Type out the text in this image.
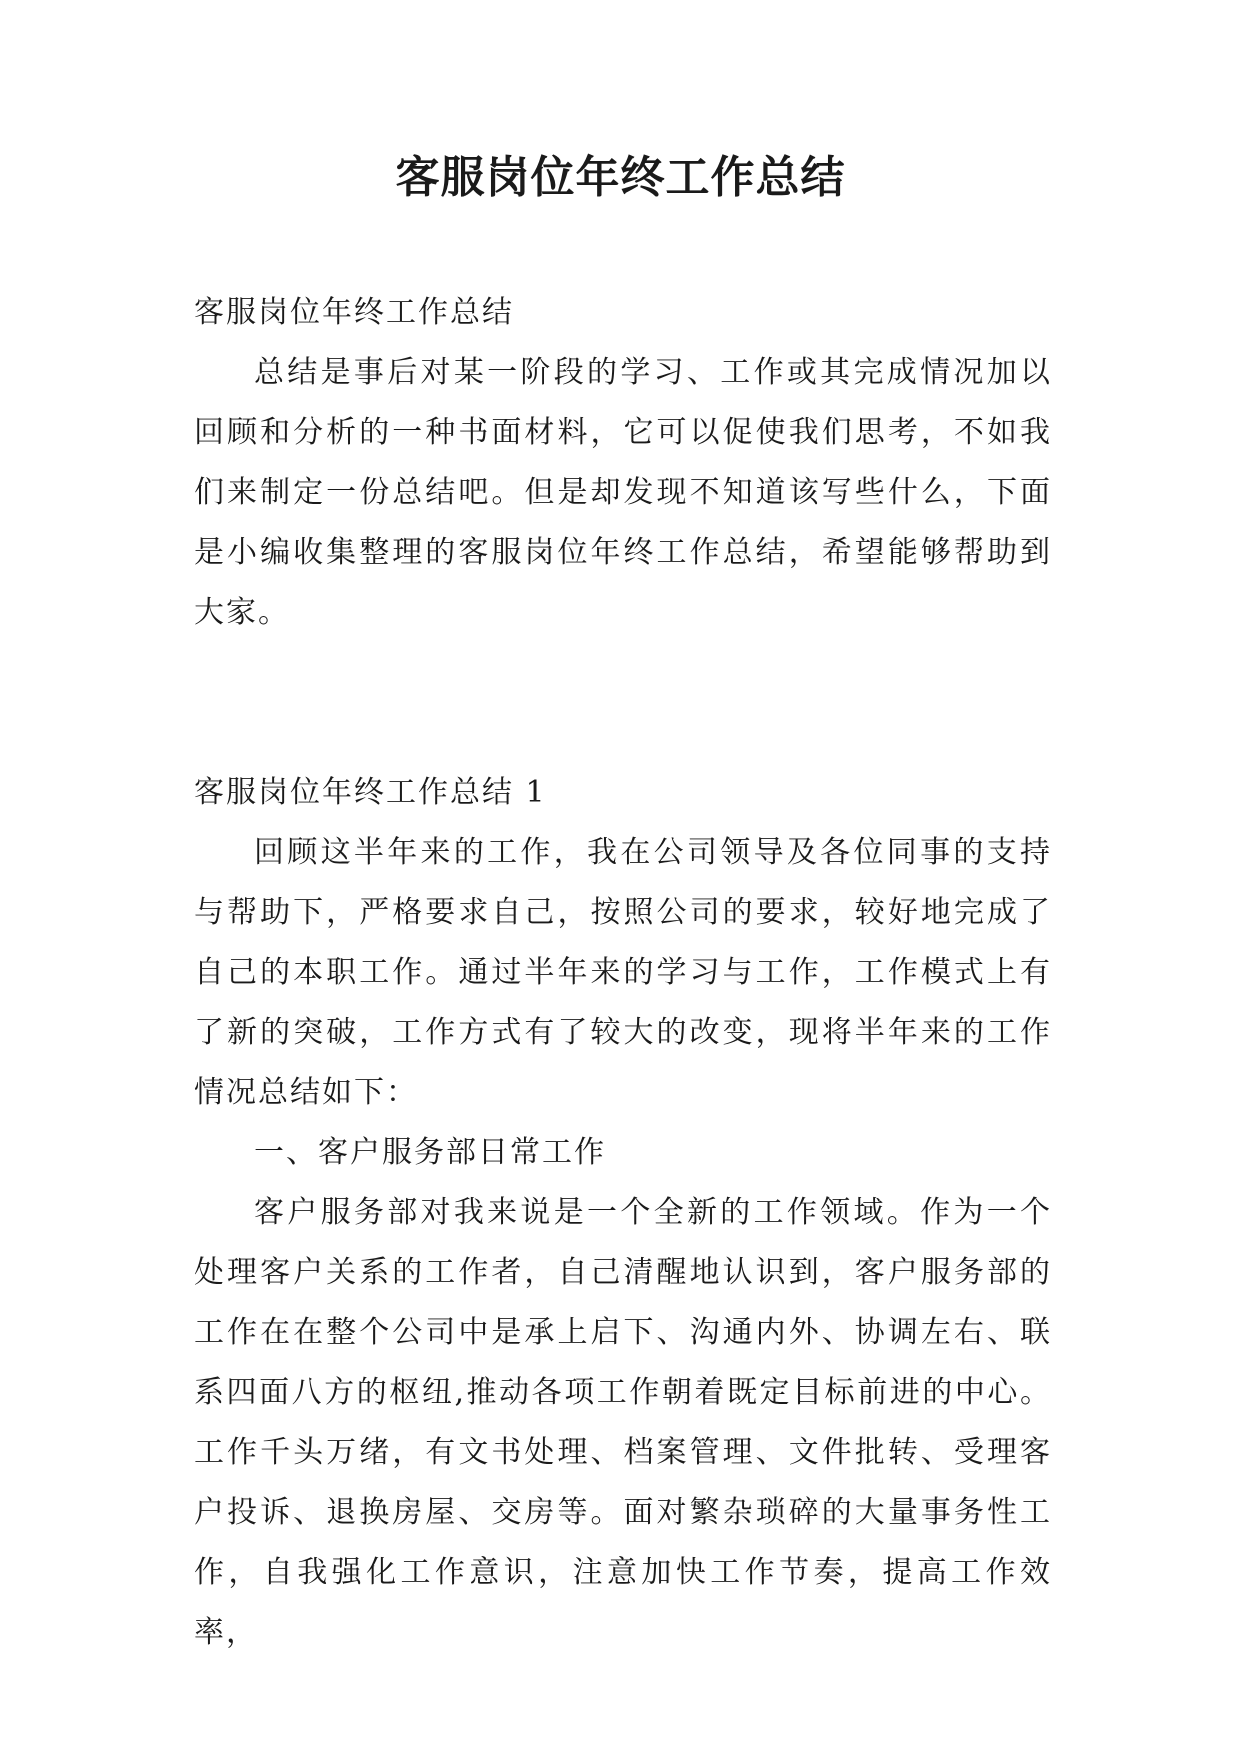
客服岗位年终工作总结

客服岗位年终工作总结

总结是事后对某一阶段的学习、工作或其完成情况加以回顾和分析的一种书面材料，它可以促使我们思考，不如我们来制定一份总结吧。但是却发现不知道该写些什么，下面是小编收集整理的客服岗位年终工作总结，希望能够帮助到大家。

客服岗位年终工作总结 1

回顾这半年来的工作，我在公司领导及各位同事的支持与帮助下，严格要求自己，按照公司的要求，较好地完成了自己的本职工作。通过半年来的学习与工作，工作模式上有了新的突破，工作方式有了较大的改变，现将半年来的工作情况总结如下：

一、客户服务部日常工作

客户服务部对我来说是一个全新的工作领域。作为一个处理客户关系的工作者，自己清醒地认识到，客户服务部的工作在在整个公司中是承上启下、沟通内外、协调左右、联系四面八方的枢纽,推动各项工作朝着既定目标前进的中心。工作千头万绪，有文书处理、档案管理、文件批转、受理客户投诉、退换房屋、交房等。面对繁杂琐碎的大量事务性工作，自我强化工作意识，注意加快工作节奏，提高工作效率，
